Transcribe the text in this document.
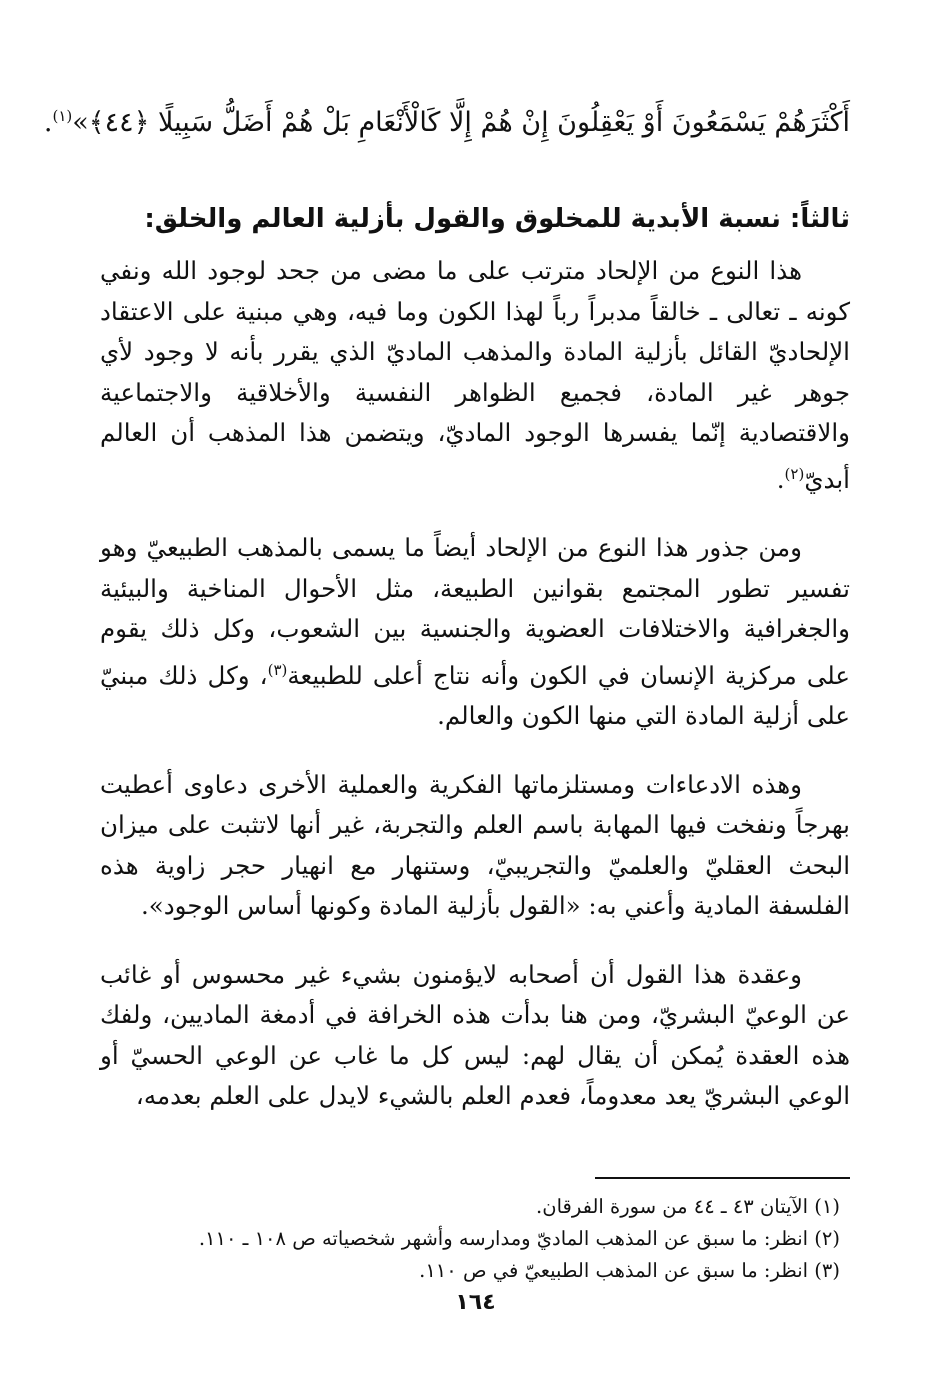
أَكْثَرَهُمْ يَسْمَعُونَ أَوْ يَعْقِلُونَ إِنْ هُمْ إِلَّا كَالْأَنْعَامِ بَلْ هُمْ أَضَلُّ سَبِيلًا ﴿٤٤﴾»$^{(١)}$.

ثالثاً: نسبة الأبدية للمخلوق والقول بأزلية العالم والخلق:

هذا النوع من الإلحاد مترتب على ما مضى من جحد لوجود الله ونفي كونه ـ تعالى ـ خالقاً مدبراً رباً لهذا الكون وما فيه، وهي مبنية على الاعتقاد الإلحاديّ القائل بأزلية المادة والمذهب الماديّ الذي يقرر بأنه لا وجود لأي جوهر غير المادة، فجميع الظواهر النفسية والأخلاقية والاجتماعية والاقتصادية إنّما يفسرها الوجود الماديّ، ويتضمن هذا المذهب أن العالم أبديّ$^{(٢)}$.

ومن جذور هذا النوع من الإلحاد أيضاً ما يسمى بالمذهب الطبيعيّ وهو تفسير تطور المجتمع بقوانين الطبيعة، مثل الأحوال المناخية والبيئية والجغرافية والاختلافات العضوية والجنسية بين الشعوب، وكل ذلك يقوم على مركزية الإنسان في الكون وأنه نتاج أعلى للطبيعة$^{(٣)}$، وكل ذلك مبنيّ على أزلية المادة التي منها الكون والعالم.

وهذه الادعاءات ومستلزماتها الفكرية والعملية الأخرى دعاوى أعطيت بهرجاً ونفخت فيها المهابة باسم العلم والتجربة، غير أنها لاتثبت على ميزان البحث العقليّ والعلميّ والتجريبيّ، وستنهار مع انهيار حجر زاوية هذه الفلسفة المادية وأعني به: «القول بأزلية المادة وكونها أساس الوجود».

وعقدة هذا القول أن أصحابه لايؤمنون بشيء غير محسوس أو غائب عن الوعيّ البشريّ، ومن هنا بدأت هذه الخرافة في أدمغة الماديين، ولفك هذه العقدة يُمكن أن يقال لهم: ليس كل ما غاب عن الوعي الحسيّ أو الوعي البشريّ يعد معدوماً، فعدم العلم بالشيء لايدل على العلم بعدمه،

(١) الآيتان ٤٣ ـ ٤٤ من سورة الفرقان.

(٢) انظر: ما سبق عن المذهب الماديّ ومدارسه وأشهر شخصياته ص ١٠٨ ـ ١١٠.

(٣) انظر: ما سبق عن المذهب الطبيعيّ في ص ١١٠.

١٦٤
